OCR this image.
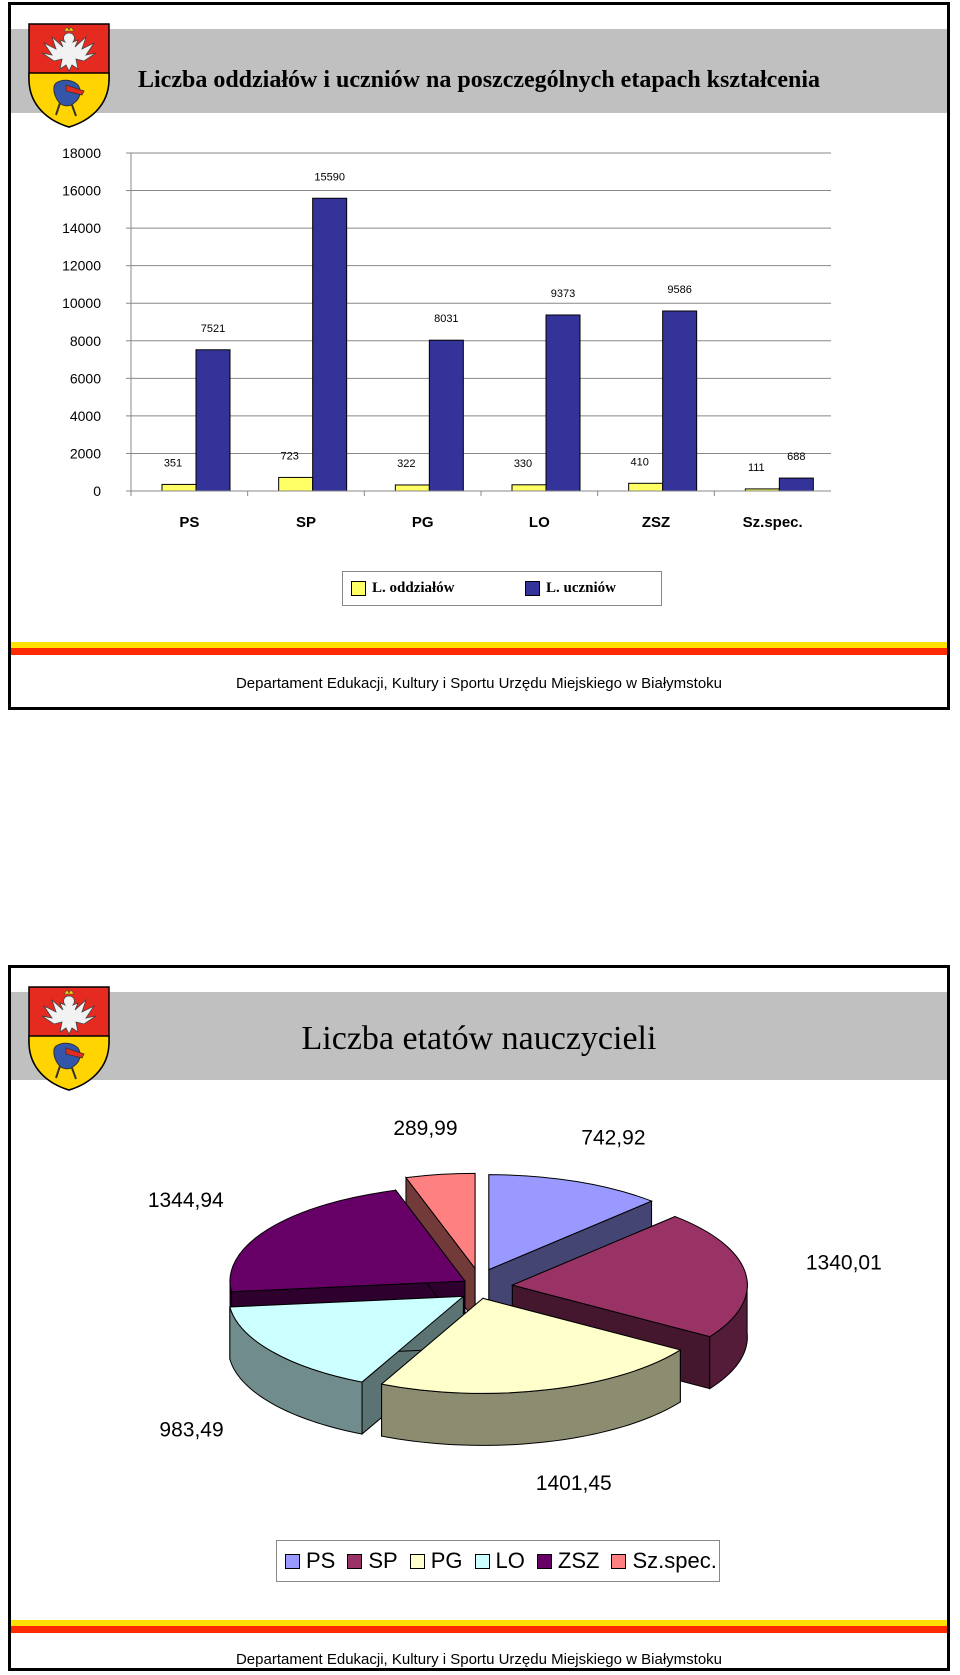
Liczba oddziałów i uczniów na poszczególnych etapach kształcenia
0
2000
4000
6000
8000
10000
12000
14000
16000
18000
PS
351
7521
SP
723
15590
PG
322
8031
LO
330
9373
ZSZ
410
9586
Sz.spec.
111
688
L. oddziałów	L. uczniów
Departament Edukacji, Kultury i Sportu Urzędu Miejskiego w Białymstoku
Liczba etatów nauczycieli
742,92
1340,01
1401,45
983,49
1344,94
289,99
PS SP PG LO ZSZ Sz.spec.
Departament Edukacji, Kultury i Sportu Urzędu Miejskiego w Białymstoku
